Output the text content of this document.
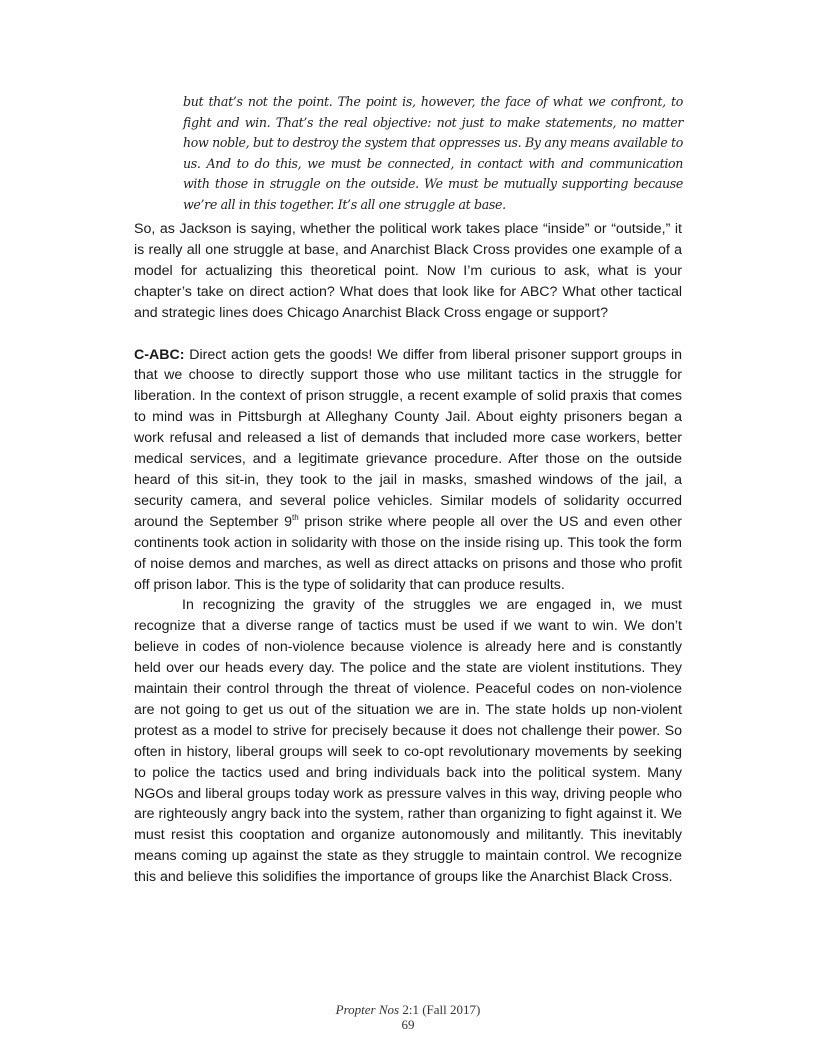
but that’s not the point. The point is, however, the face of what we confront, to fight and win. That’s the real objective: not just to make statements, no matter how noble, but to destroy the system that oppresses us. By any means available to us. And to do this, we must be connected, in contact with and communication with those in struggle on the outside. We must be mutually supporting because we’re all in this together. It’s all one struggle at base.

So, as Jackson is saying, whether the political work takes place “inside” or “outside,” it is really all one struggle at base, and Anarchist Black Cross provides one example of a model for actualizing this theoretical point. Now I’m curious to ask, what is your chapter’s take on direct action? What does that look like for ABC? What other tactical and strategic lines does Chicago Anarchist Black Cross engage or support?

C-ABC: Direct action gets the goods! We differ from liberal prisoner support groups in that we choose to directly support those who use militant tactics in the struggle for liberation. In the context of prison struggle, a recent example of solid praxis that comes to mind was in Pittsburgh at Alleghany County Jail. About eighty prisoners began a work refusal and released a list of demands that included more case workers, better medical services, and a legitimate grievance procedure. After those on the outside heard of this sit-in, they took to the jail in masks, smashed windows of the jail, a security camera, and several police vehicles. Similar models of solidarity occurred around the September 9th prison strike where people all over the US and even other continents took action in solidarity with those on the inside rising up. This took the form of noise demos and marches, as well as direct attacks on prisons and those who profit off prison labor. This is the type of solidarity that can produce results.

In recognizing the gravity of the struggles we are engaged in, we must recognize that a diverse range of tactics must be used if we want to win. We don’t believe in codes of non-violence because violence is already here and is constantly held over our heads every day. The police and the state are violent institutions. They maintain their control through the threat of violence. Peaceful codes on non-violence are not going to get us out of the situation we are in. The state holds up non-violent protest as a model to strive for precisely because it does not challenge their power. So often in history, liberal groups will seek to co-opt revolutionary movements by seeking to police the tactics used and bring individuals back into the political system. Many NGOs and liberal groups today work as pressure valves in this way, driving people who are righteously angry back into the system, rather than organizing to fight against it. We must resist this cooptation and organize autonomously and militantly. This inevitably means coming up against the state as they struggle to maintain control. We recognize this and believe this solidifies the importance of groups like the Anarchist Black Cross.

Propter Nos 2:1 (Fall 2017)
69
